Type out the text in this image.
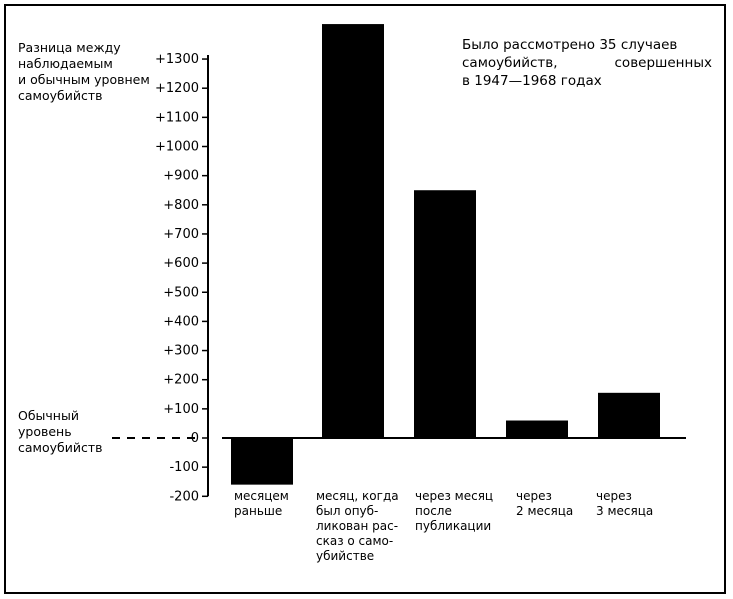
+1300
+1200
+1100
+1000
+900
+800
+700
+600
+500
+400
+300
+200
+100
0
-100
-200
Разница между
наблюдаемым
и обычным уровнем
самоубийств
Обычный
уровень
самоубийств
Было рассмотрено 35 случаев
самоубийств, совершенных
в 1947—1968 годах
месяцем
раньше
месяц, когда
был опуб-
ликован рас-
сказ о само-
убийстве
через месяц
после
публикации
через
2 месяца
через
3 месяца
